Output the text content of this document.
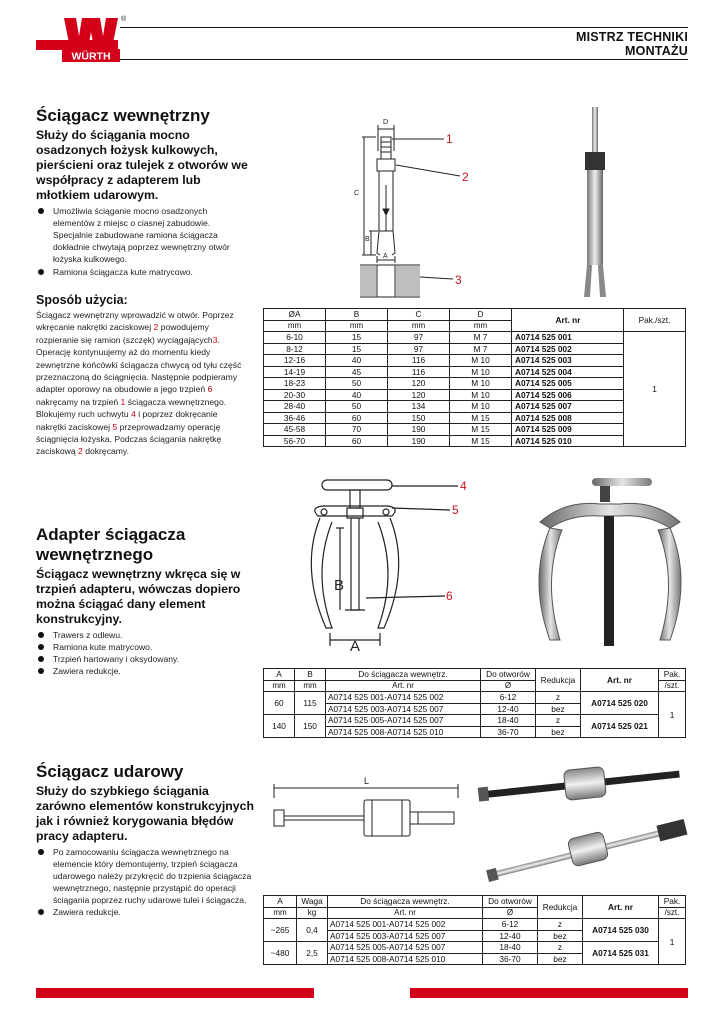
WÜRTH
®
MISTRZ TECHNIKI
MONTAŻU
Ściągacz wewnętrzny
Służy do ściągania mocno osadzonych łożysk kulkowych, pierścieni oraz tulejek z otworów we współpracy z adapterem lub młotkiem udarowym.
Umożliwia ściąganie mocno osadzonych elementów z miejsc o ciasnej zabudowie. Specjalnie zabudowane ramiona ściągacza dokładnie chwytają poprzez wewnętrzny otwór łożyska kulkowego.
Ramiona ściągacza kute matrycowo.
Sposób użycia:
Ściągacz wewnętrzny wprowadzić w otwór. Poprzez wkręcanie nakrętki zaciskowej 2 powodujemy rozpieranie się ramion (szczęk) wyciągających3. Operację kontynuujemy aż do momentu kiedy zewnętrzne końcówki ściągacza chwycą od tyłu część przeznaczoną do ściągnięcia. Następnie podpieramy adapter oporowy na obudowie a jego trzpień 6 nakręcamy na trzpień 1 ściągacza wewnętrznego. Blokujemy ruch uchwytu 4 i poprzez dokręcanie nakrętki zaciskowej 5 przeprowadzamy operację ściągnięcia łożyska. Podczas ściągania nakrętkę zaciskową 2 dokręcamy.
D
C
B
A
1
2
3
ØA	B	C	D	Art. nr	Pak./szt.
mm	mm	mm	mm		
6-10	15	97	M 7	A0714 525 001	1
8-12	15	97	M 7	A0714 525 002	
12-16	40	116	M 10	A0714 525 003	
14-19	45	116	M 10	A0714 525 004	
18-23	50	120	M 10	A0714 525 005	
20-30	40	120	M 10	A0714 525 006	
28-40	50	134	M 10	A0714 525 007	
36-46	60	150	M 15	A0714 525 008	
45-58	70	190	M 15	A0714 525 009	
56-70	60	190	M 15	A0714 525 010	
Adapter ściągacza
wewnętrznego
Ściągacz wewnętrzny wkręca się w trzpień adapteru, wówczas dopiero można ściągać dany element konstrukcyjny.
Trawers z odlewu.
Ramiona kute matrycowo.
Trzpień hartowany i oksydowany.
Zawiera redukcje.
B
A
4
5
6
A	B	Do ściągacza wewnętrz.	Do otworów	Redukcja	Art. nr	Pak.
mm	mm	Art. nr	Ø			/szt.
60	115	A0714 525 001-A0714 525 002	6-12	z	A0714 525 020	1
		A0714 525 003-A0714 525 007	12-40	bez		
140	150	A0714 525 005-A0714 525 007	18-40	z	A0714 525 021	
		A0714 525 008-A0714 525 010	36-70	bez		
Ściągacz udarowy
Służy do szybkiego ściągania zarówno elementów konstrukcyjnych jak i również korygowania błędów pracy adapteru.
Po zamocowaniu ściągacza wewnętrznego na elemencie który demontujemy, trzpień ściągacza udarowego należy przykręcić do trzpienia ściągacza wewnętrznego, następnie przystąpić do operacji ściągania poprzez ruchy udarowe tulei i ściągacza.
Zawiera redukcje.
L
A	Waga	Do ściągacza wewnętrz.	Do otworów	Redukcja	Art. nr	Pak.
mm	kg	Art. nr	Ø			/szt.
~265	0,4	A0714 525 001-A0714 525 002	6-12	z	A0714 525 030	1
		A0714 525 003-A0714 525 007	12-40	bez		
~480	2,5	A0714 525 005-A0714 525 007	18-40	z	A0714 525 031	
		A0714 525 008-A0714 525 010	36-70	bez		
